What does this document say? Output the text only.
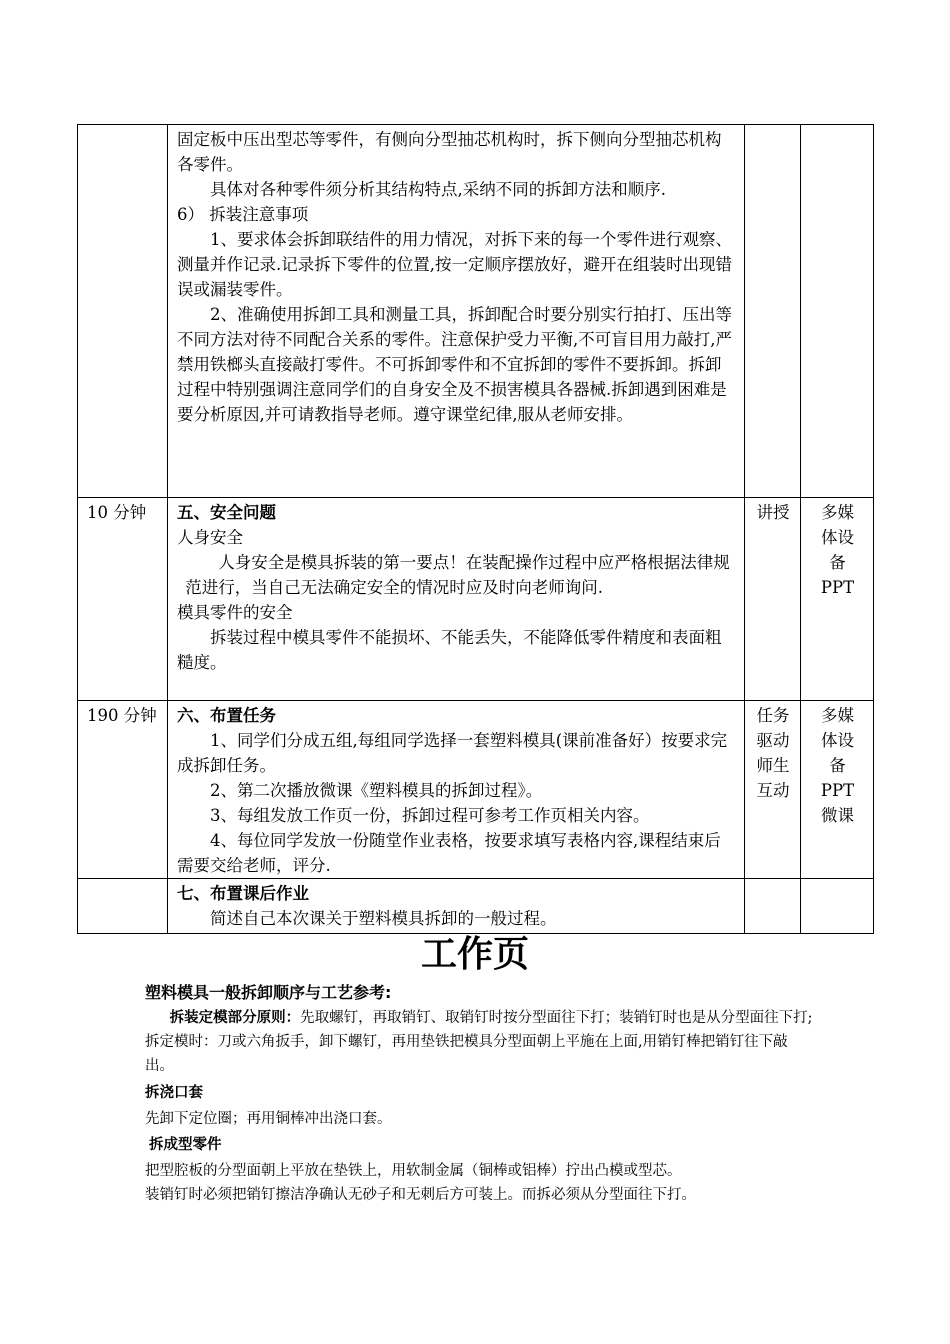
	固定板中压出型芯等零件，有侧向分型抽芯机构时，拆下侧向分型抽芯机构各零件。
具体对各种零件须分析其结构特点,采纳不同的拆卸方法和顺序.
6） 拆装注意事项
1、要求体会拆卸联结件的用力情况，对拆下来的每一个零件进行观察、测量并作记录.记录拆下零件的位置,按一定顺序摆放好，避开在组装时出现错误或漏装零件。
2、准确使用拆卸工具和测量工具，拆卸配合时要分别实行拍打、压出等不同方法对待不同配合关系的零件。注意保护受力平衡,不可盲目用力敲打,严禁用铁榔头直接敲打零件。不可拆卸零件和不宜拆卸的零件不要拆卸。拆卸过程中特别强调注意同学们的自身安全及不损害模具各器械.拆卸遇到困难是要分析原因,并可请教指导老师。遵守课堂纪律,服从老师安排。		

10 分钟	五、安全问题
人身安全
人身安全是模具拆装的第一要点！在装配操作过程中应严格根据法律规范进行，当自己无法确定安全的情况时应及时向老师询问.
模具零件的安全
拆装过程中模具零件不能损坏、不能丢失，不能降低零件精度和表面粗糙度。	讲授	多媒体设备PPT

190 分钟	六、布置任务
1、同学们分成五组,每组同学选择一套塑料模具(课前准备好）按要求完成拆卸任务。
2、第二次播放微课《塑料模具的拆卸过程》。
3、每组发放工作页一份，拆卸过程可参考工作页相关内容。
4、每位同学发放一份随堂作业表格，按要求填写表格内容,课程结束后需要交给老师，评分.	任务驱动师生互动	多媒体设备PPT微课

	七、布置课后作业
简述自己本次课关于塑料模具拆卸的一般过程。		

工作页
塑料模具一般拆卸顺序与工艺参考:

拆装定模部分原则：先取螺钉，再取销钉、取销钉时按分型面往下打；装销钉时也是从分型面往下打;拆定模时：刀或六角扳手，卸下螺钉，再用垫铁把模具分型面朝上平施在上面,用销钉棒把销钉往下敲出。

拆浇口套

先卸下定位圈；再用铜棒冲出浇口套。

拆成型零件

把型腔板的分型面朝上平放在垫铁上，用软制金属（铜棒或铝棒）拧出凸模或型芯。

装销钉时必须把销钉擦洁净确认无砂子和无刺后方可装上。而拆必须从分型面往下打。
